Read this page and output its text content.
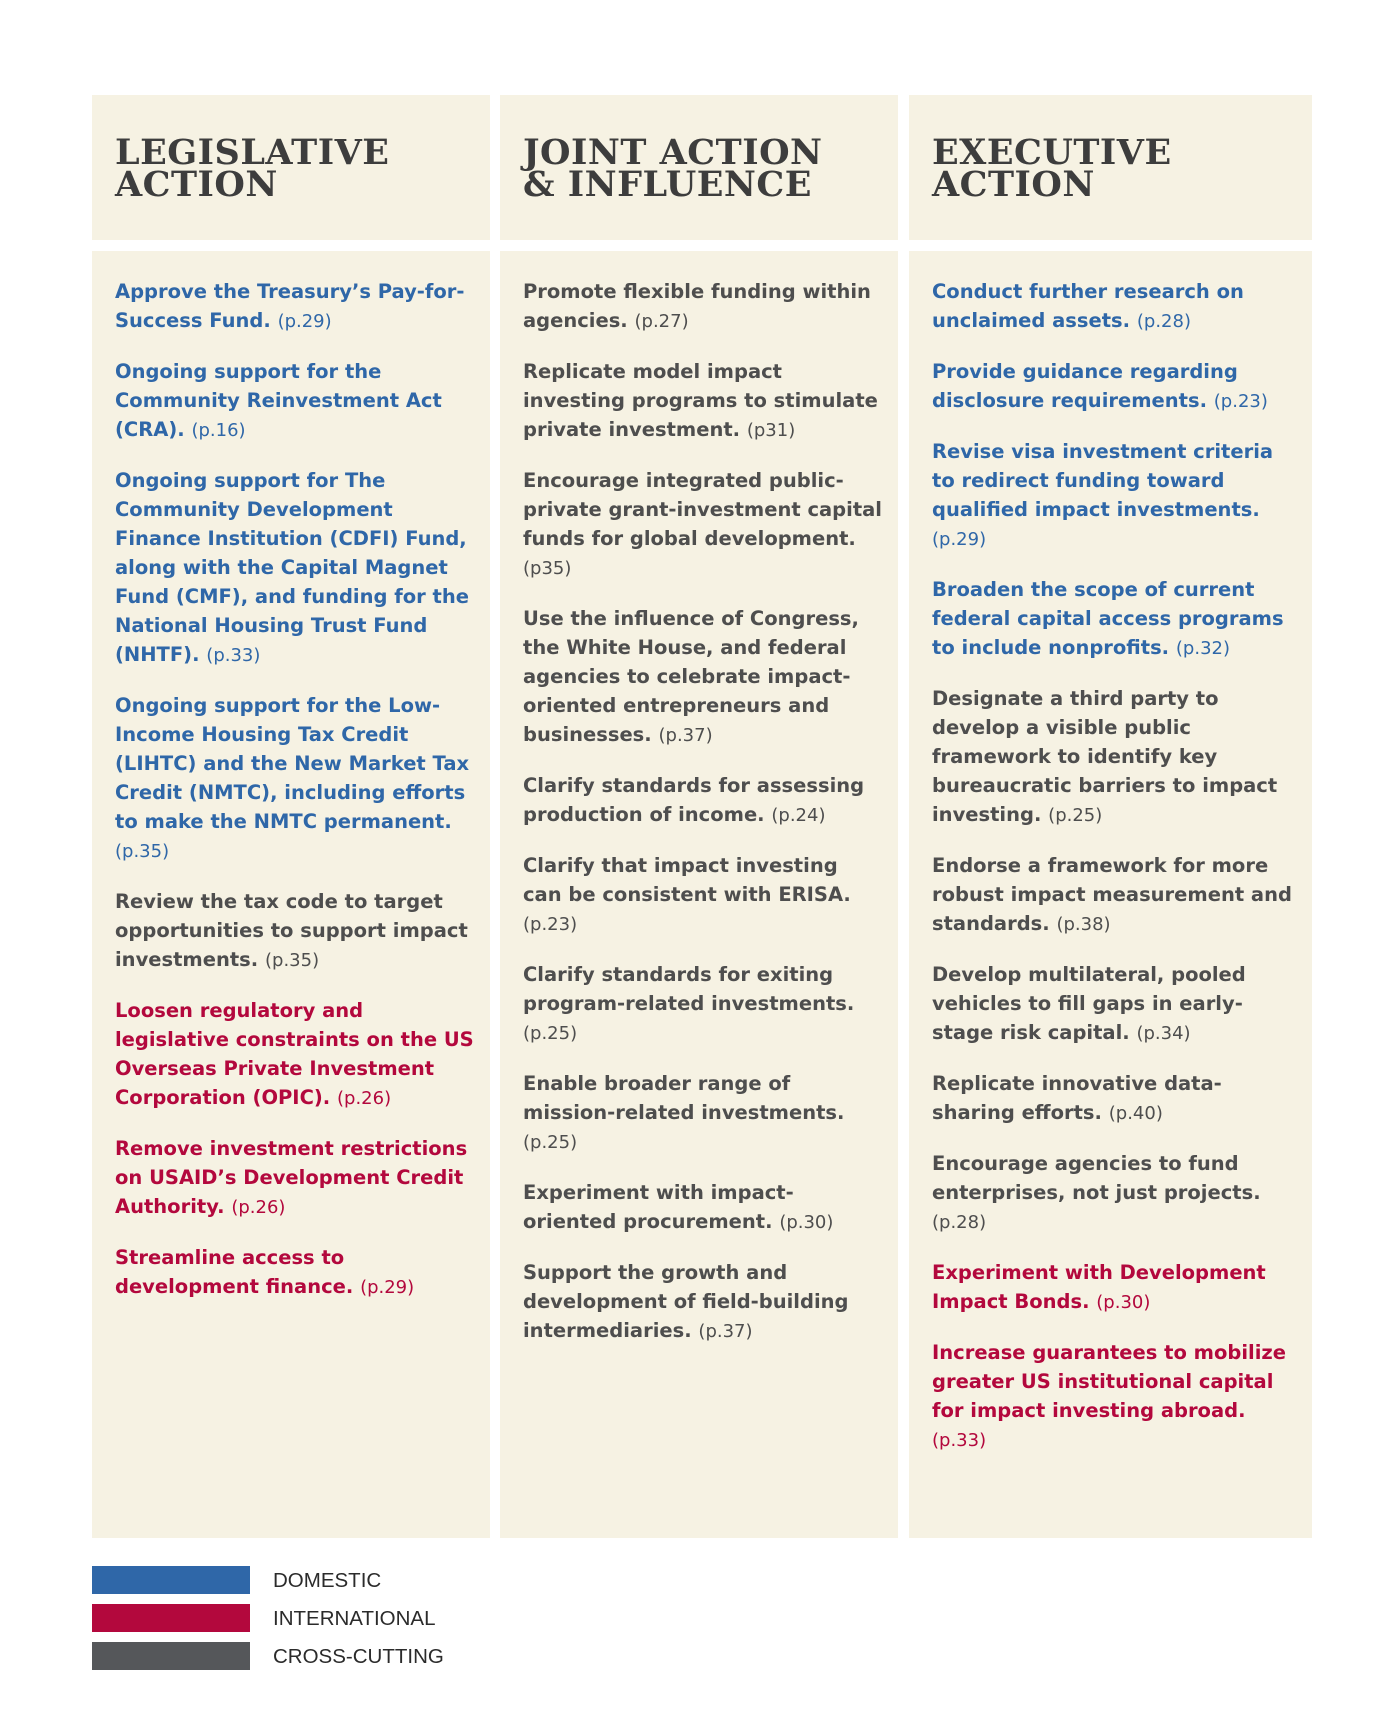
LEGISLATIVE
ACTION

Approve the Treasury’s Pay-for-Success Fund. (p.29)

Ongoing support for the Community Reinvestment Act (CRA). (p.16)

Ongoing support for The Community Development Finance Institution (CDFI) Fund, along with the Capital Magnet Fund (CMF), and funding for the National Housing Trust Fund (NHTF). (p.33)

Ongoing support for the Low-Income Housing Tax Credit (LIHTC) and the New Market Tax Credit (NMTC), including efforts to make the NMTC permanent. (p.35)

Review the tax code to target opportunities to support impact investments. (p.35)

Loosen regulatory and legislative constraints on the US Overseas Private Investment Corporation (OPIC). (p.26)

Remove investment restrictions on USAID’s Development Credit Authority. (p.26)

Streamline access to development finance. (p.29)

JOINT ACTION
& INFLUENCE

Promote flexible funding within agencies. (p.27)

Replicate model impact investing programs to stimulate private investment. (p31)

Encourage integrated public-private grant-investment capital funds for global development. (p35)

Use the influence of Congress, the White House, and federal agencies to celebrate impact-oriented entrepreneurs and businesses. (p.37)

Clarify standards for assessing production of income. (p.24)

Clarify that impact investing can be consistent with ERISA. (p.23)

Clarify standards for exiting program-related investments. (p.25)

Enable broader range of mission-related investments. (p.25)

Experiment with impact-oriented procurement. (p.30)

Support the growth and development of field-building intermediaries. (p.37)

EXECUTIVE
ACTION

Conduct further research on unclaimed assets. (p.28)

Provide guidance regarding disclosure requirements. (p.23)

Revise visa investment criteria to redirect funding toward qualified impact investments. (p.29)

Broaden the scope of current federal capital access programs to include nonprofits. (p.32)

Designate a third party to develop a visible public framework to identify key bureaucratic barriers to impact investing. (p.25)

Endorse a framework for more robust impact measurement and standards. (p.38)

Develop multilateral, pooled vehicles to fill gaps in early-stage risk capital. (p.34)

Replicate innovative data-sharing efforts. (p.40)

Encourage agencies to fund enterprises, not just projects. (p.28)

Experiment with Development Impact Bonds. (p.30)

Increase guarantees to mobilize greater US institutional capital for impact investing abroad. (p.33)

DOMESTIC
INTERNATIONAL
CROSS-CUTTING
